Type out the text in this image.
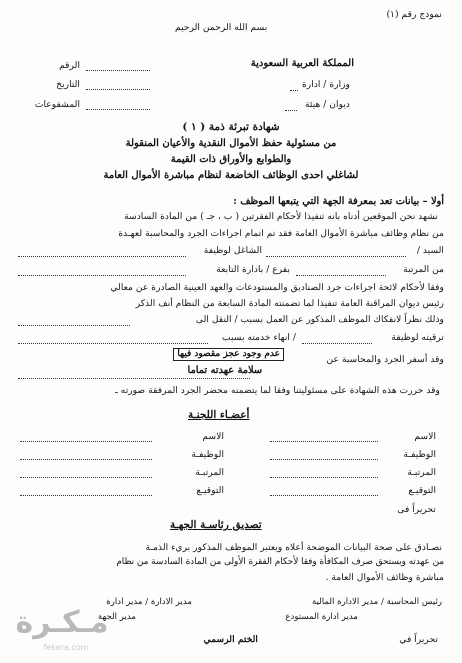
نموذج رقم (١)
بسم الله الرحمن الرحيم
المملكة العربية السعودية
وزارة / ادارة
ديوان / هيئة
الرقم
التاريخ
المشفوعات
شهادة تبرئة ذمة ( ١ )
من مسئولية حفظ الأموال النقدية والأعيان المنقولة
والطوابع والأوراق ذات القيمة
لشاغلي احدى الوظائف الخاضعة لنظام مباشرة الأموال العامة
أولا – بيانات تعد بمعرفة الجهة التي يتبعها الموظف :
نشهد نحن الموقعين أدناه بانه تنفيذا لأحكام الفقرتين ( ب ، جـ ) من المادة السادسة
من نظام وظائف مباشرة الأموال العامة فقد تم اتمام اجراءات الجرد والمحاسبة لعهـدة
السيد /
الشاغل لوظيفة
من المرتبة
بفرع / بادارة التابعة
وفقا لأحكام لائحة اجراءات جرد الصناديق والمستودعات والعهد العينية الصادرة عن معالي
رئيس ديوان المراقبة العامة تنفيذا لما تضمنته المادة السابعة من النظام أنف الذكر
وذلك نظراً لانفكاك الموظف المذكور عن العمل بسبب / النقل الى
ترقيته لوظيفة
/ انهاء خدمته بسبب
عدم وجود عجز مقصود فيها	وقد أسفر الجرد والمحاسبة عن
سلامة عهدته تماما
وقد حررت هذه الشهادة على مسئوليتنا وفقا لما يتضمنه محضر الجرد المرفقة صورته ـ
أعضـاء اللجنـة
الاسم
الوظيفـة
المرتبـة
التوقيـع
تحريراً فى
الاسم
الوظيفـة
المرتبـة
التوقيـع
تصديق رئاسـة الجهـة
نصـادق على صحة البيانات الموضحة أعلاه ويعتبر الموظف المذكور بريء الذمـة
من عهدته ويستحق صرف المكافأة وفقا لأحكام الفقرة الأولى من المادة السادسة من نظام
مباشرة وظائف الأموال العامة .
رئيس المحاسبة / مدير الادارة المالية
مدير الادارة / مدير ادارة
مدير ادارة المستودع
مدير الجهة
تحريراً في
الختم الرسمي
مـكـرة
fekera.com
